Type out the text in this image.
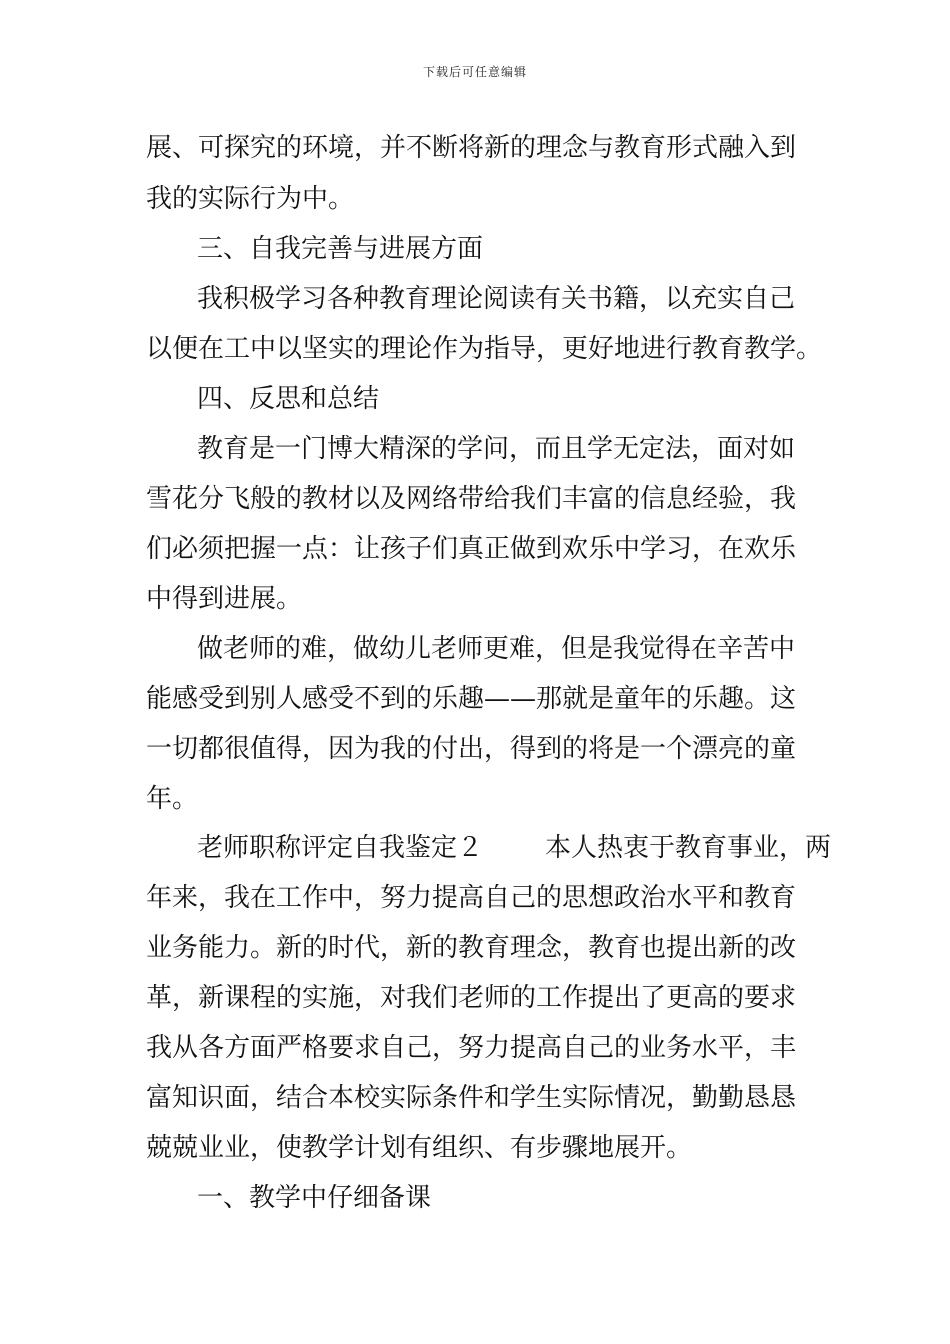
下载后可任意编辑
展、可探究的环境，并不断将新的理念与教育形式融入到
我的实际行为中。
三、自我完善与进展方面
我积极学习各种教育理论阅读有关书籍，以充实自己
以便在工中以坚实的理论作为指导，更好地进行教育教学。
四、反思和总结
教育是一门博大精深的学问，而且学无定法，面对如
雪花分飞般的教材以及网络带给我们丰富的信息经验，我
们必须把握一点：让孩子们真正做到欢乐中学习，在欢乐
中得到进展。
做老师的难，做幼儿老师更难，但是我觉得在辛苦中
能感受到别人感受不到的乐趣——那就是童年的乐趣。这
一切都很值得，因为我的付出，得到的将是一个漂亮的童
年。
老师职称评定自我鉴定２ 本人热衷于教育事业，两
年来，我在工作中，努力提高自己的思想政治水平和教育
业务能力。新的时代，新的教育理念，教育也提出新的改
革，新课程的实施，对我们老师的工作提出了更高的要求
我从各方面严格要求自己，努力提高自己的业务水平，丰
富知识面，结合本校实际条件和学生实际情况，勤勤恳恳
兢兢业业，使教学计划有组织、有步骤地展开。
一、教学中仔细备课
